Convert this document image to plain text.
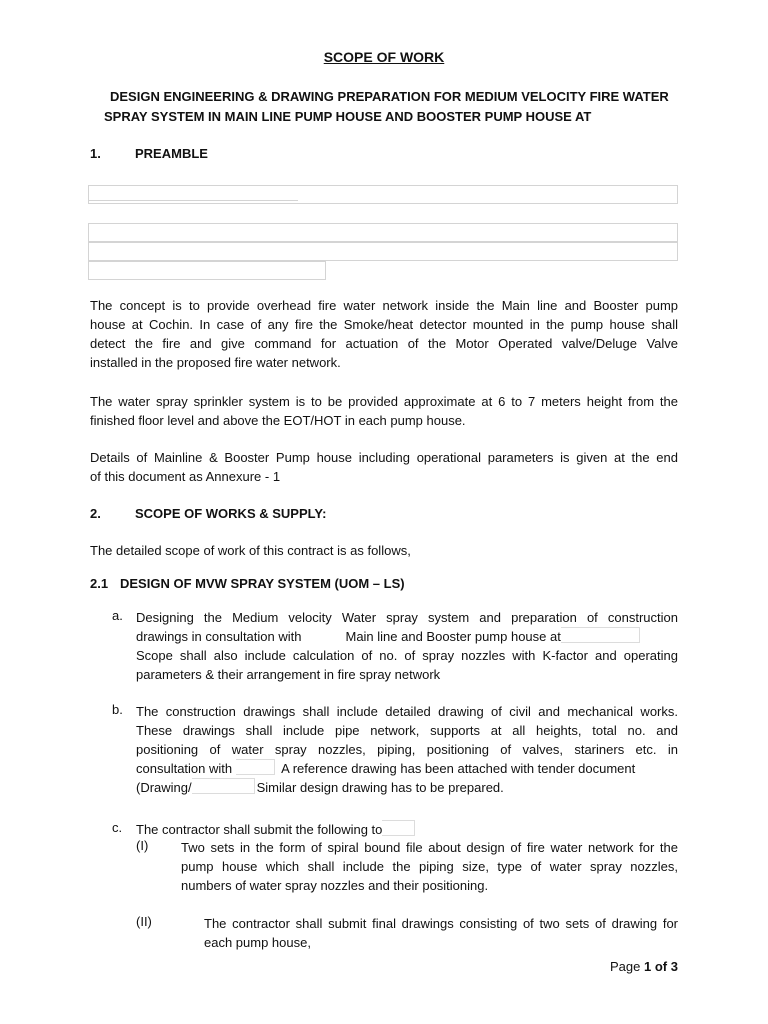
SCOPE OF WORK
DESIGN ENGINEERING & DRAWING PREPARATION FOR MEDIUM VELOCITY FIRE WATER
SPRAY SYSTEM IN MAIN LINE PUMP HOUSE AND BOOSTER PUMP HOUSE AT
1.	PREAMBLE
The concept is to provide overhead fire water network inside the Main line and Booster pump
house at Cochin. In case of any fire the Smoke/heat detector mounted in the pump house shall
detect the fire and give command for actuation of the Motor Operated valve/Deluge Valve
installed in the proposed fire water network.
The water spray sprinkler system is to be provided approximate at 6 to 7 meters height from the
finished floor level and above the EOT/HOT in each pump house.
Details of Mainline & Booster Pump house including operational parameters is given at the end
of this document as Annexure - 1
2.	SCOPE OF WORKS & SUPPLY:
The detailed scope of work of this contract is as follows,
2.1 DESIGN OF MVW SPRAY SYSTEM (UOM – LS)
a.	Designing the Medium velocity Water spray system and preparation of construction
drawings in consultation with	Main line and Booster pump house at
Scope shall also include calculation of no. of spray nozzles with K-factor and operating
parameters & their arrangement in fire spray network
b.	The construction drawings shall include detailed drawing of civil and mechanical works.
These drawings shall include pipe network, supports at all heights, total no. and
positioning of water spray nozzles, piping, positioning of valves, stariners etc. in
consultation with	A reference drawing has been attached with tender document
(Drawing/	Similar design drawing has to be prepared.
c.	The contractor shall submit the following to
(I)	Two sets in the form of spiral bound file about design of fire water network for the
pump house which shall include the piping size, type of water spray nozzles,
numbers of water spray nozzles and their positioning.
(II)	The contractor shall submit final drawings consisting of two sets of drawing for
each pump house,
Page 1 of 3
